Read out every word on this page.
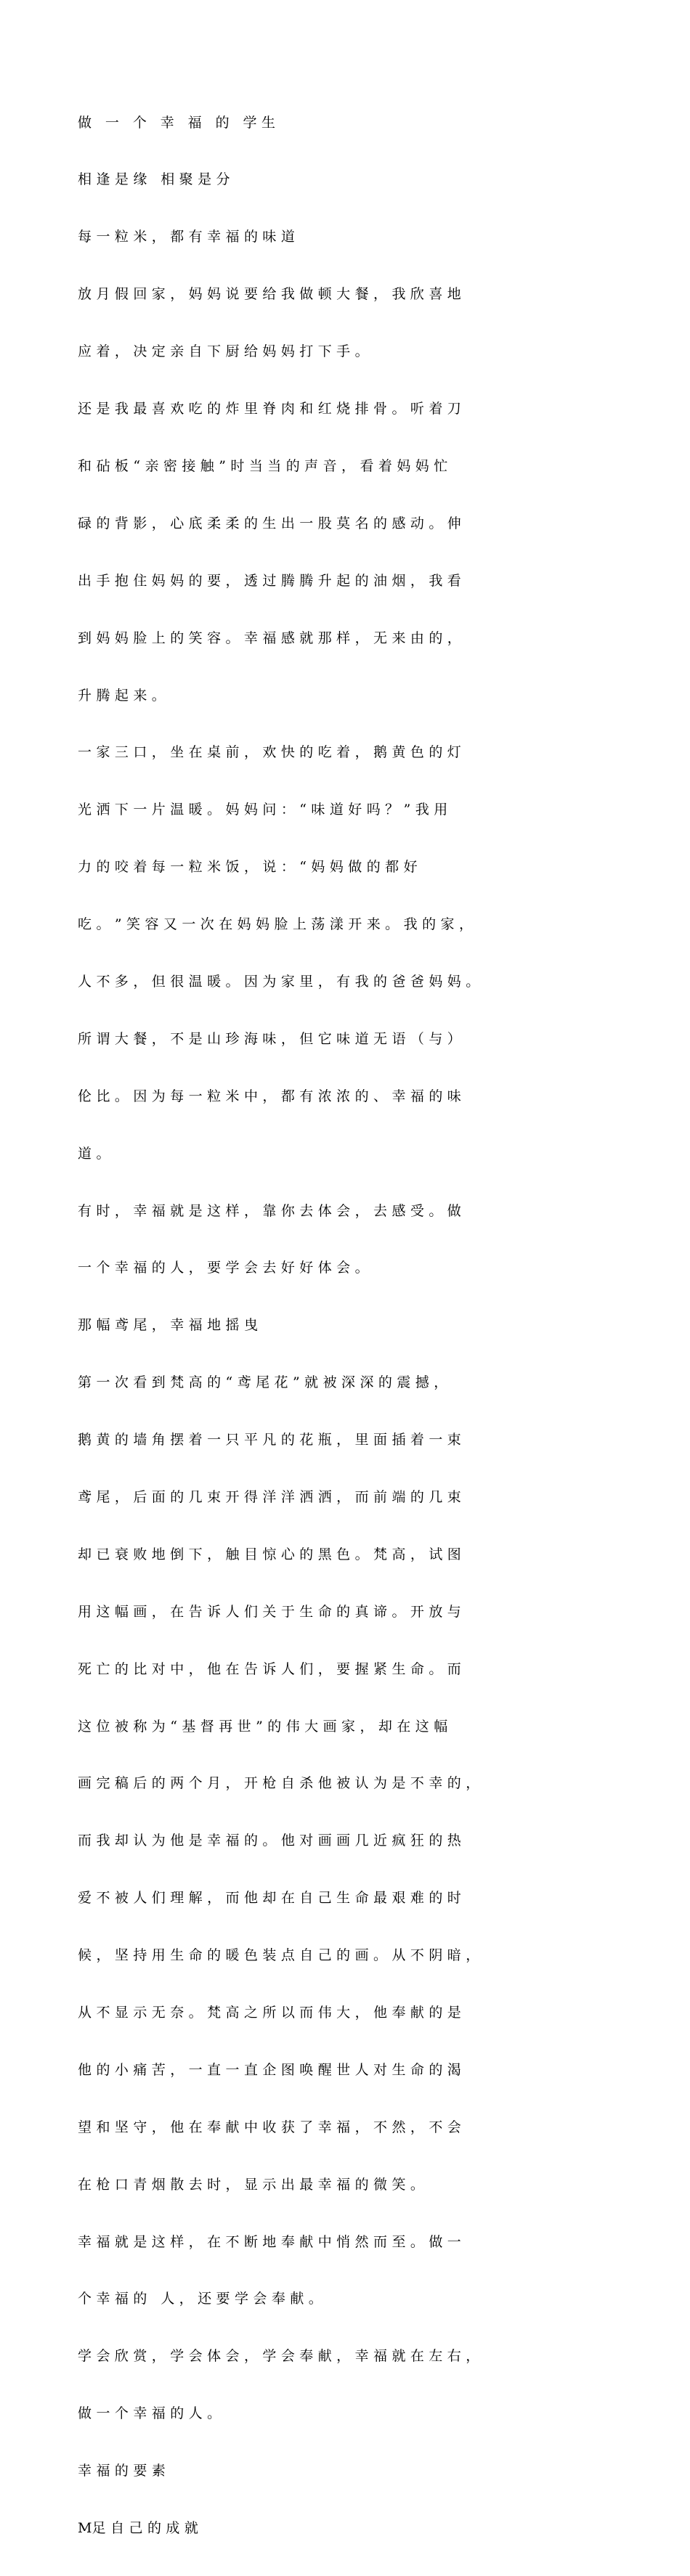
做   一   个   幸   福   的   学 生

相 逢 是 缘   相 聚 是 分

每 一 粒 米 ， 都 有 幸 福 的 味 道

放 月 假 回 家 ， 妈 妈 说 要 给 我 做 顿 大 餐 ， 我 欣 喜 地

应 着 ， 决 定 亲 自 下 厨 给 妈 妈 打 下 手 。

还 是 我 最 喜 欢 吃 的 炸 里 脊 肉 和 红 烧 排 骨 。 听 着 刀

和 砧 板 “ 亲 密 接 触 ” 时 当 当 的 声 音 ， 看 着 妈 妈 忙

碌 的 背 影 ， 心 底 柔 柔 的 生 出 一 股 莫 名 的 感 动 。 伸

出 手 抱 住 妈 妈 的 要 ， 透 过 腾 腾 升 起 的 油 烟 ， 我 看

到 妈 妈 脸 上 的 笑 容 。 幸 福 感 就 那 样 ， 无 来 由 的 ，

升 腾 起 来 。

一 家 三 口 ， 坐 在 桌 前 ， 欢 快 的 吃 着 ， 鹅 黄 色 的 灯

光 洒 下 一 片 温 暖 。 妈 妈 问 ： “ 味 道 好 吗 ？ ” 我 用

力 的 咬 着 每 一 粒 米 饭 ， 说 ： “ 妈 妈 做 的 都 好

吃 。 ” 笑 容 又 一 次 在 妈 妈 脸 上 荡 漾 开 来 。 我 的 家 ，

人 不 多 ， 但 很 温 暖 。 因 为 家 里 ， 有 我 的 爸 爸 妈 妈 。

所 谓 大 餐 ， 不 是 山 珍 海 味 ， 但 它 味 道 无 语 （ 与 ）

伦 比 。 因 为 每 一 粒 米 中 ， 都 有 浓 浓 的 、 幸 福 的 味

道 。

有 时 ， 幸 福 就 是 这 样 ， 靠 你 去 体 会 ， 去 感 受 。 做

一 个 幸 福 的 人 ， 要 学 会 去 好 好 体 会 。

那 幅 鸢 尾 ， 幸 福 地 摇 曳

第 一 次 看 到 梵 高 的 “ 鸢 尾 花 ” 就 被 深 深 的 震 撼 ，

鹅 黄 的 墙 角 摆 着 一 只 平 凡 的 花 瓶 ， 里 面 插 着 一 束

鸢 尾 ， 后 面 的 几 束 开 得 洋 洋 洒 洒 ， 而 前 端 的 几 束

却 已 衰 败 地 倒 下 ， 触 目 惊 心 的 黑 色 。 梵 高 ， 试 图

用 这 幅 画 ， 在 告 诉 人 们 关 于 生 命 的 真 谛 。 开 放 与

死 亡 的 比 对 中 ， 他 在 告 诉 人 们 ， 要 握 紧 生 命 。 而

这 位 被 称 为 “ 基 督 再 世 ” 的 伟 大 画 家 ， 却 在 这 幅

画 完 稿 后 的 两 个 月 ， 开 枪 自 杀 他 被 认 为 是 不 幸 的 ，

而 我 却 认 为 他 是 幸 福 的 。 他 对 画 画 几 近 疯 狂 的 热

爱 不 被 人 们 理 解 ， 而 他 却 在 自 己 生 命 最 艰 难 的 时

候 ， 坚 持 用 生 命 的 暖 色 装 点 自 己 的 画 。 从 不 阴 暗 ，

从 不 显 示 无 奈 。 梵 高 之 所 以 而 伟 大 ， 他 奉 献 的 是

他 的 小 痛 苦 ， 一 直 一 直 企 图 唤 醒 世 人 对 生 命 的 渴

望 和 坚 守 ， 他 在 奉 献 中 收 获 了 幸 福 ， 不 然 ， 不 会

在 枪 口 青 烟 散 去 时 ， 显 示 出 最 幸 福 的 微 笑 。

幸 福 就 是 这 样 ， 在 不 断 地 奉 献 中 悄 然 而 至 。 做 一

个 幸 福 的   人 ， 还 要 学 会 奉 献 。

学 会 欣 赏 ， 学 会 体 会 ， 学 会 奉 献 ， 幸 福 就 在 左 右 ，

做 一 个 幸 福 的 人 。

幸 福 的 要 素

M足 自 己 的 成 就
